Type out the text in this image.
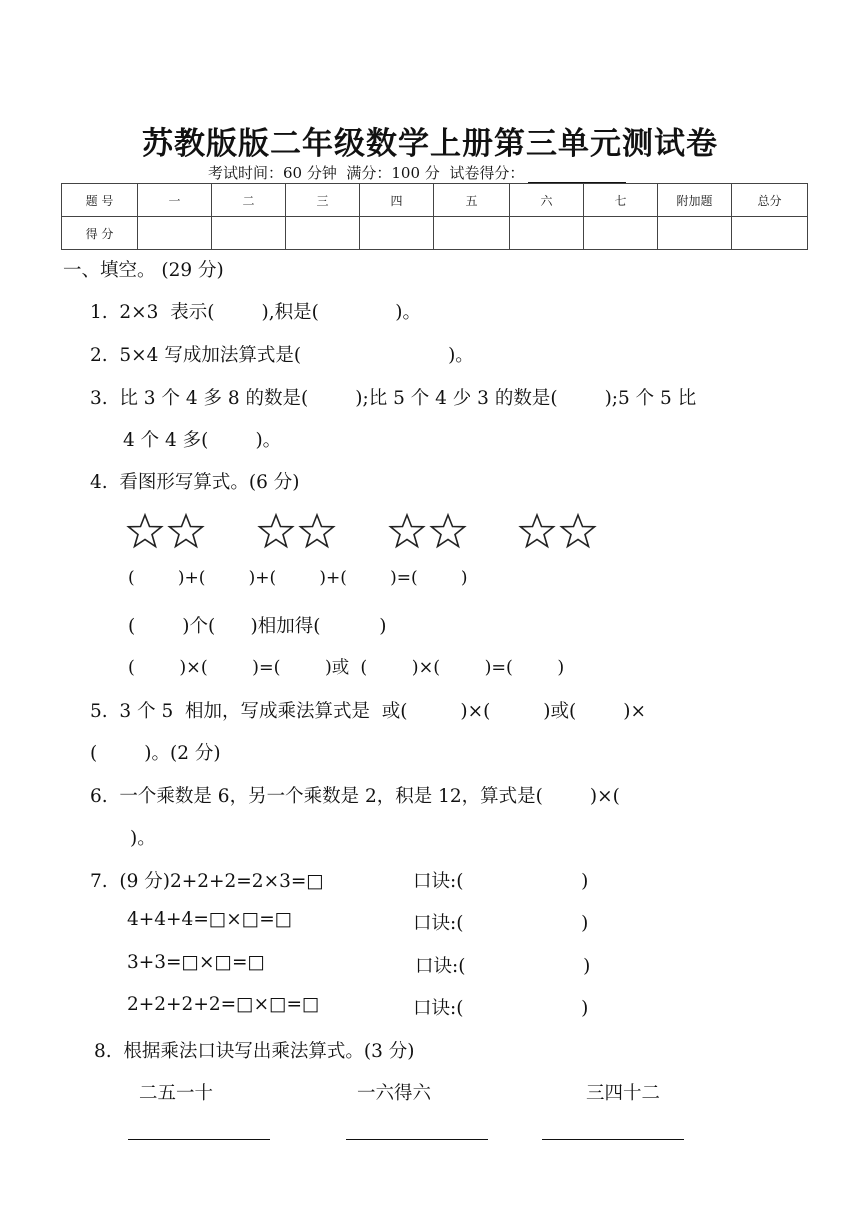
苏教版版二年级数学上册第三单元测试卷
考试时间：60 分钟  满分：100 分  试卷得分：
题 号	一	二	三	四	五	六	七	附加题	总分
得 分									
一、填空。 (29 分)
1.  2×3  表示(        ),积是(             )。
2.  5×4 写成加法算式是(                         )。
3.  比 3 个 4 多 8 的数是(        );比 5 个 4 少 3 的数是(        );5 个 5 比
4 个 4 多(        )。
4.  看图形写算式。(6 分)
(        )+(        )+(        )+(        )=(        )
(        )个(      )相加得(          )
(        )×(        )=(        )或  (        )×(        )=(        )
5.  3 个 5  相加，写成乘法算式是  或(         )×(         )或(        )×
(        )。(2 分)
6.  一个乘数是 6，另一个乘数是 2，积是 12，算式是(        )×(
)。
7.  (9 分)2+2+2=2×3=□	口诀:(                    )
4+4+4=□×□=□	口诀:(                    )
3+3=□×□=□	口诀:(                    )
2+2+2+2=□×□=□	口诀:(                    )
8.  根据乘法口诀写出乘法算式。(3 分)
二五一十	一六得六	三四十二
